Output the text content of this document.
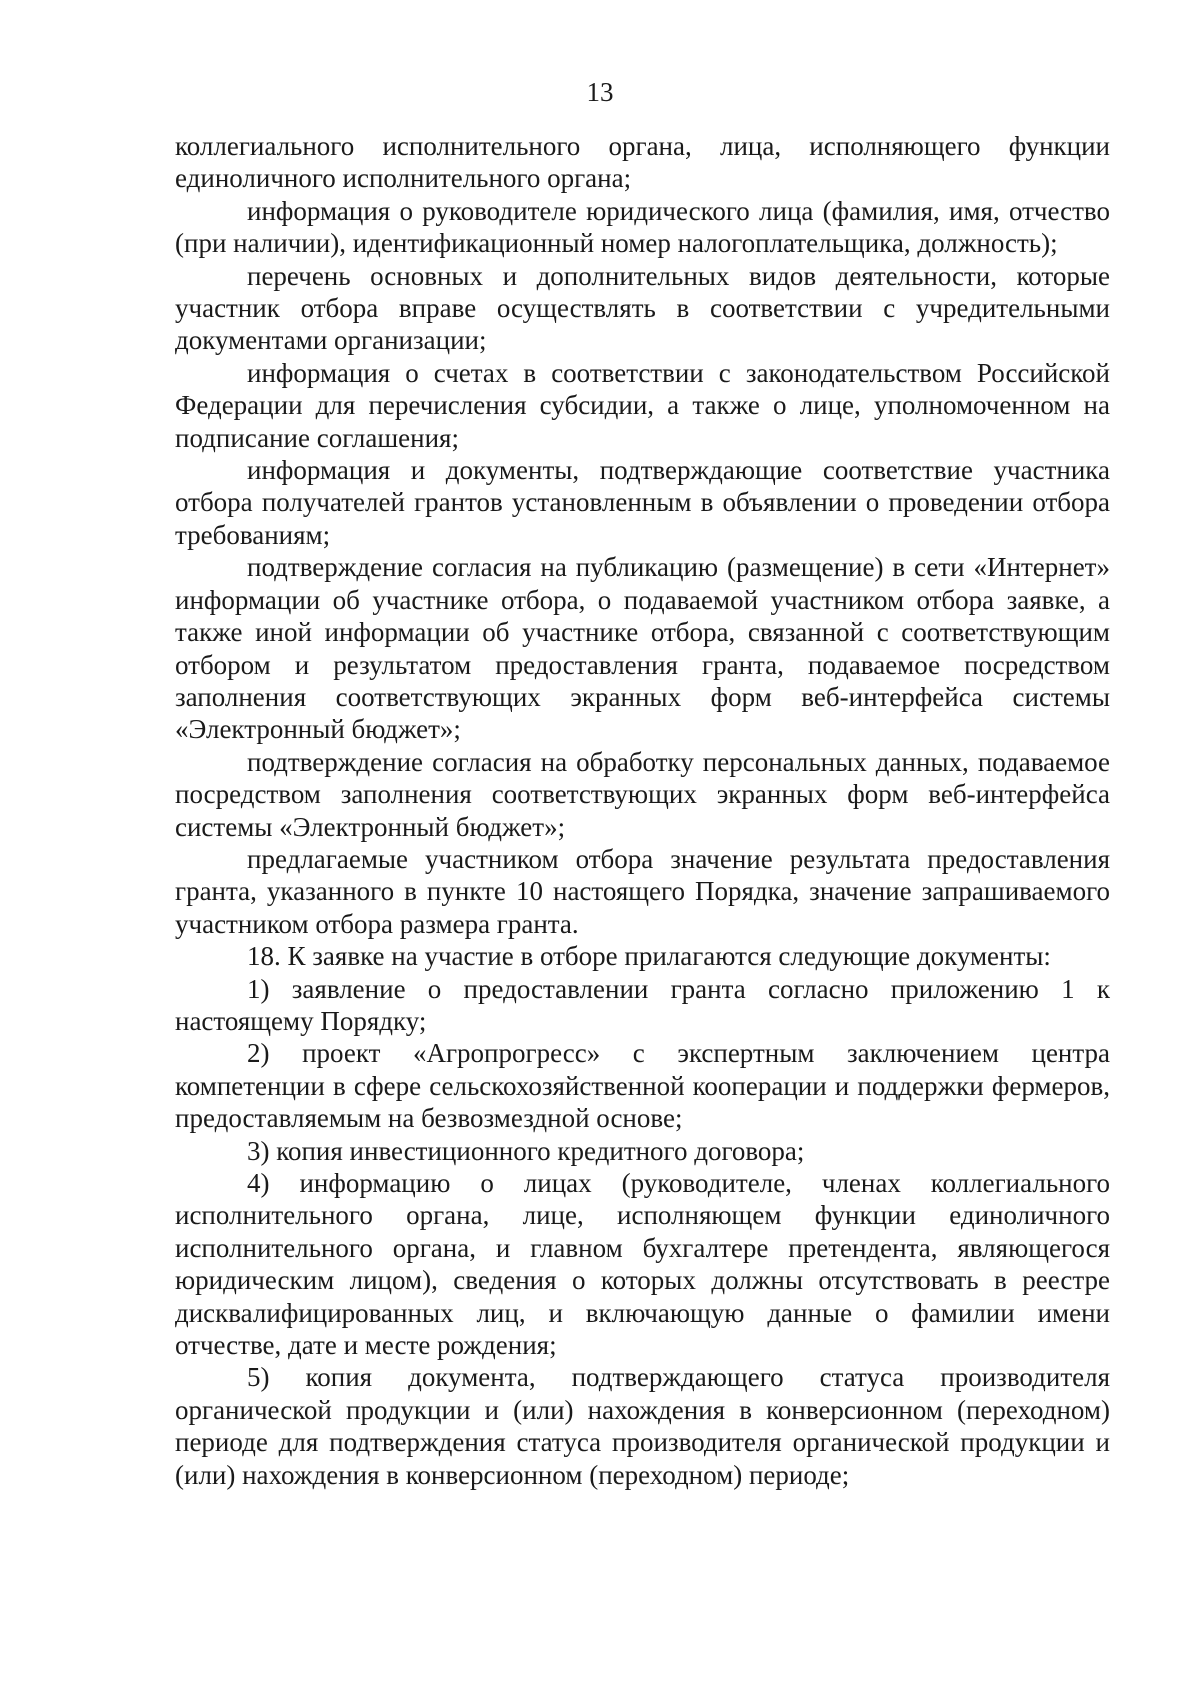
13

коллегиального исполнительного органа, лица, исполняющего функции единоличного исполнительного органа;

информация о руководителе юридического лица (фамилия, имя, отчество (при наличии), идентификационный номер налогоплательщика, должность);

перечень основных и дополнительных видов деятельности, которые участник отбора вправе осуществлять в соответствии с учредительными документами организации;

информация о счетах в соответствии с законодательством Российской Федерации для перечисления субсидии, а также о лице, уполномоченном на подписание соглашения;

информация и документы, подтверждающие соответствие участника отбора получателей грантов установленным в объявлении о проведении отбора требованиям;

подтверждение согласия на публикацию (размещение) в сети «Интернет» информации об участнике отбора, о подаваемой участником отбора заявке, а также иной информации об участнике отбора, связанной с соответствующим отбором и результатом предоставления гранта, подаваемое посредством заполнения соответствующих экранных форм веб-интерфейса системы «Электронный бюджет»;

подтверждение согласия на обработку персональных данных, подаваемое посредством заполнения соответствующих экранных форм веб-интерфейса системы «Электронный бюджет»;

предлагаемые участником отбора значение результата предоставления гранта, указанного в пункте 10 настоящего Порядка, значение запрашиваемого участником отбора размера гранта.

18. К заявке на участие в отборе прилагаются следующие документы:

1) заявление о предоставлении гранта согласно приложению 1 к настоящему Порядку;

2) проект «Агропрогресс» с экспертным заключением центра компетенции в сфере сельскохозяйственной кооперации и поддержки фермеров, предоставляемым на безвозмездной основе;

3) копия инвестиционного кредитного договора;

4) информацию о лицах (руководителе, членах коллегиального исполнительного органа, лице, исполняющем функции единоличного исполнительного органа, и главном бухгалтере претендента, являющегося юридическим лицом), сведения о которых должны отсутствовать в реестре дисквалифицированных лиц, и включающую данные о фамилии имени отчестве, дате и месте рождения;

5) копия документа, подтверждающего статуса производителя органической продукции и (или) нахождения в конверсионном (переходном) периоде для подтверждения статуса производителя органической продукции и (или) нахождения в конверсионном (переходном) периоде;
